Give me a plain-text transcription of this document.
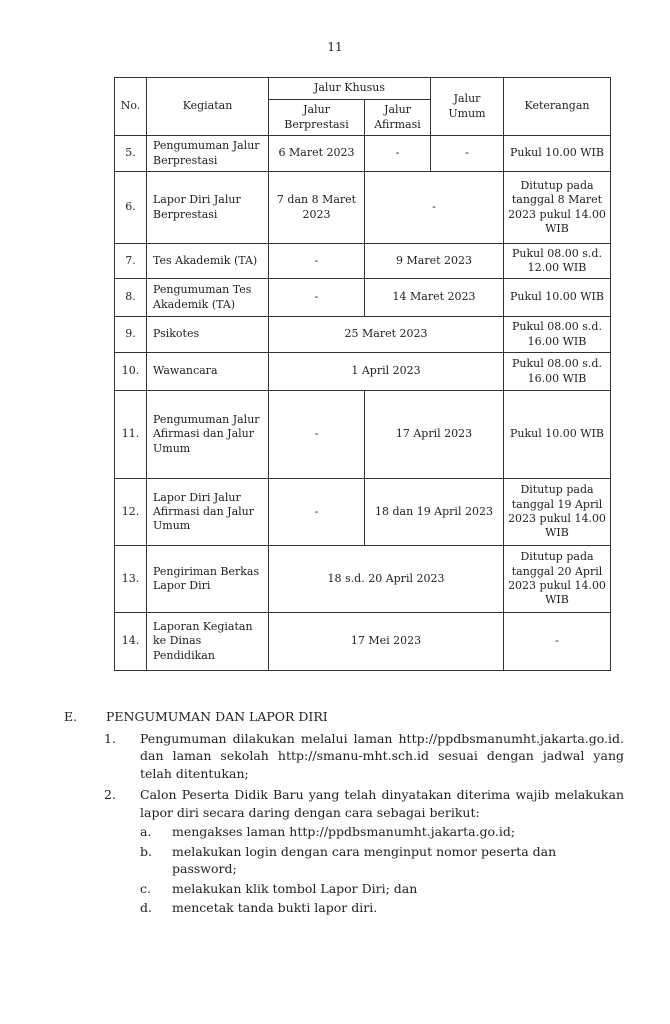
11
No.	Kegiatan	Jalur Khusus		Jalur Umum	Keterangan
		Jalur Berprestasi	Jalur Afirmasi		
5.	Pengumuman Jalur Berprestasi	6 Maret 2023	-	-	Pukul 10.00 WIB
6.	Lapor Diri Jalur Berprestasi	7 dan 8 Maret 2023	-		Ditutup pada tanggal 8 Maret 2023 pukul 14.00 WIB
7.	Tes Akademik (TA)	-	9 Maret 2023		Pukul 08.00 s.d. 12.00 WIB
8.	Pengumuman Tes Akademik (TA)	-	14 Maret 2023		Pukul 10.00 WIB
9.	Psikotes	25 Maret 2023			Pukul 08.00 s.d. 16.00 WIB
10.	Wawancara	1 April 2023			Pukul 08.00 s.d. 16.00 WIB
11.	Pengumuman Jalur Afirmasi dan Jalur Umum	-	17 April 2023		Pukul 10.00 WIB
12.	Lapor Diri Jalur Afirmasi dan Jalur Umum	-	18 dan 19 April 2023		Ditutup pada tanggal 19 April 2023 pukul 14.00 WIB
13.	Pengiriman Berkas Lapor Diri	18 s.d. 20 April 2023			Ditutup pada tanggal 20 April 2023 pukul 14.00 WIB
14.	Laporan Kegiatan ke Dinas Pendidikan	17 Mei 2023			-
E.	PENGUMUMAN DAN LAPOR DIRI
1.	Pengumuman dilakukan melalui laman http://ppdbsmanumht.jakarta.go.id. dan laman sekolah http://smanu-mht.sch.id sesuai dengan jadwal yang telah ditentukan;
2.	Calon Peserta Didik Baru yang telah dinyatakan diterima wajib melakukan lapor diri secara daring dengan cara sebagai berikut:
a.	mengakses laman http://ppdbsmanumht.jakarta.go.id;
b.	melakukan login dengan cara menginput nomor peserta dan password;
c.	melakukan klik tombol Lapor Diri; dan
d.	mencetak tanda bukti lapor diri.
